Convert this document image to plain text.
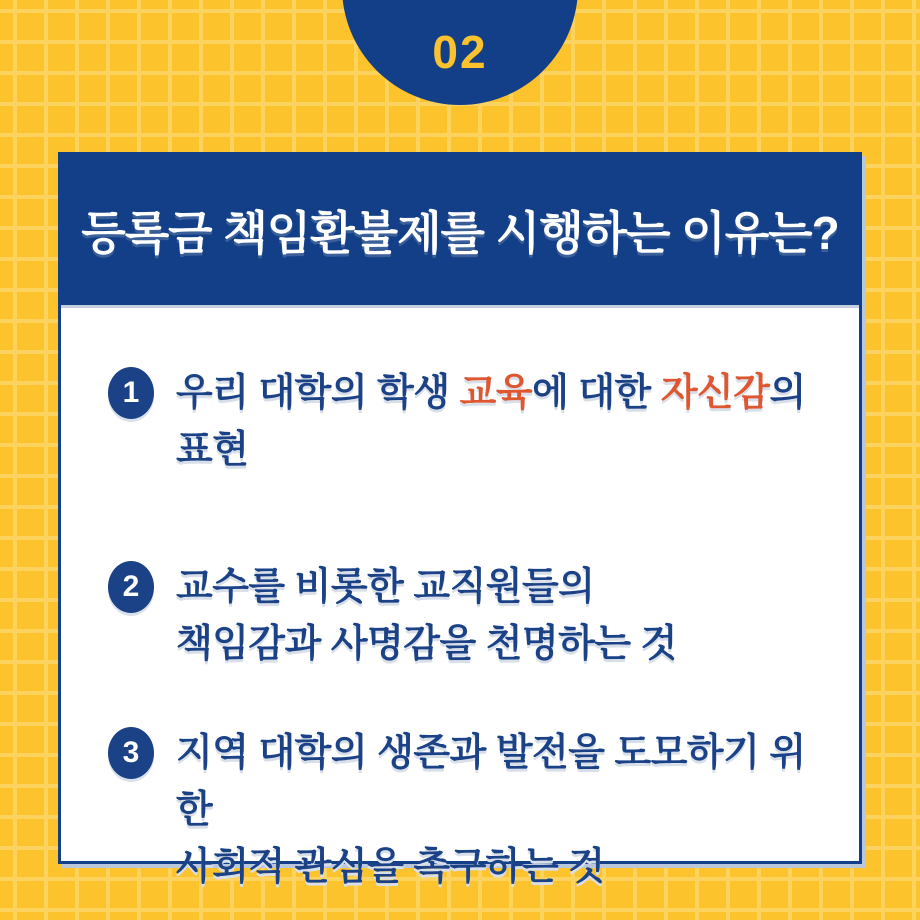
02
등록금 책임환불제를 시행하는 이유는?
1 우리 대학의 학생 교육에 대한 자신감의 표현
2 교수를 비롯한 교직원들의
책임감과 사명감을 천명하는 것
3 지역 대학의 생존과 발전을 도모하기 위한
사회적 관심을 촉구하는 것
